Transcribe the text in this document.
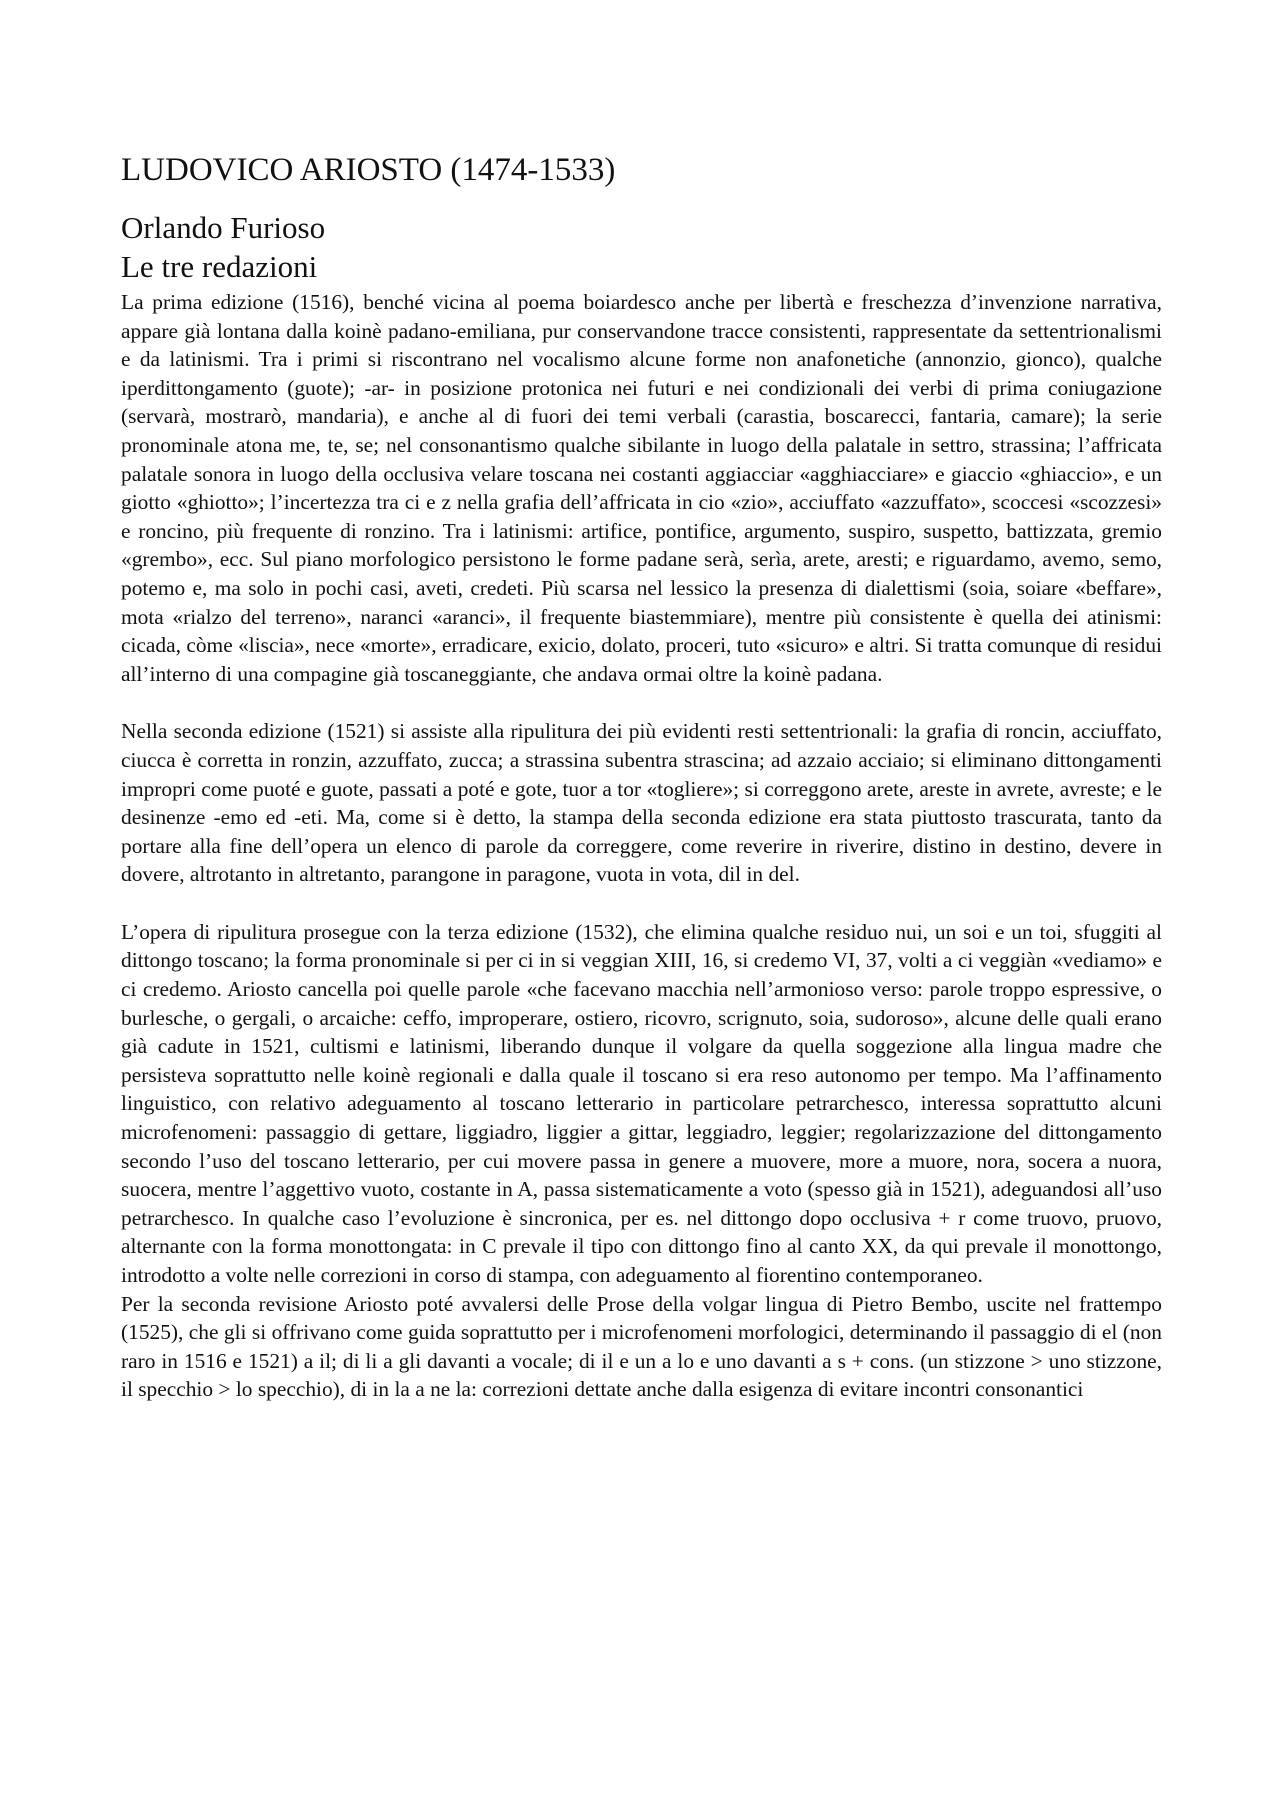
LUDOVICO ARIOSTO (1474-1533)
Orlando Furioso
Le tre redazioni

La prima edizione (1516), benché vicina al poema boiardesco anche per libertà e freschezza d’invenzione narrativa, appare già lontana dalla koinè padano-emiliana, pur conservandone tracce consistenti, rappresentate da settentrionalismi e da latinismi. Tra i primi si riscontrano nel vocalismo alcune forme non anafonetiche (annonzio, gionco), qualche iperdittongamento (guote); -ar- in posizione protonica nei futuri e nei condizionali dei verbi di prima coniugazione (servarà, mostrarò, mandaria), e anche al di fuori dei temi verbali (carastia, boscarecci, fantaria, camare); la serie pronominale atona me, te, se; nel consonantismo qualche sibilante in luogo della palatale in settro, strassina; l’affricata palatale sonora in luogo della occlusiva velare toscana nei costanti aggiacciar «agghiacciare» e giaccio «ghiaccio», e un giotto «ghiotto»; l’incertezza tra ci e z nella grafia dell’affricata in cio «zio», acciuffato «azzuffato», scoccesi «scozzesi» e roncino, più frequente di ronzino. Tra i latinismi: artifice, pontifice, argumento, suspiro, suspetto, battizzata, gremio «grembo», ecc. Sul piano morfologico persistono le forme padane serà, serìa, arete, aresti; e riguardamo, avemo, semo, potemo e, ma solo in pochi casi, aveti, credeti. Più scarsa nel lessico la presenza di dialettismi (soia, soiare «beffare», mota «rialzo del terreno», naranci «aranci», il frequente biastemmiare), mentre più consistente è quella dei atinismi: cicada, còme «liscia», nece «morte», erradicare, exicio, dolato, proceri, tuto «sicuro» e altri. Si tratta comunque di residui all’interno di una compagine già toscaneggiante, che andava ormai oltre la koinè padana.

Nella seconda edizione (1521) si assiste alla ripulitura dei più evidenti resti settentrionali: la grafia di roncin, acciuffato, ciucca è corretta in ronzin, azzuffato, zucca; a strassina subentra strascina; ad azzaio acciaio; si eliminano dittongamenti impropri come puoté e guote, passati a poté e gote, tuor a tor «togliere»; si correggono arete, areste in avrete, avreste; e le desinenze -emo ed -eti. Ma, come si è detto, la stampa della seconda edizione era stata piuttosto trascurata, tanto da portare alla fine dell’opera un elenco di parole da correggere, come reverire in riverire, distino in destino, devere in dovere, altrotanto in altretanto, parangone in paragone, vuota in vota, dil in del.

L’opera di ripulitura prosegue con la terza edizione (1532), che elimina qualche residuo nui, un soi e un toi, sfuggiti al dittongo toscano; la forma pronominale si per ci in si veggian XIII, 16, si credemo VI, 37, volti a ci veggiàn «vediamo» e ci credemo. Ariosto cancella poi quelle parole «che facevano macchia nell’armonioso verso: parole troppo espressive, o burlesche, o gergali, o arcaiche: ceffo, improperare, ostiero, ricovro, scrignuto, soia, sudoroso», alcune delle quali erano già cadute in 1521, cultismi e latinismi, liberando dunque il volgare da quella soggezione alla lingua madre che persisteva soprattutto nelle koinè regionali e dalla quale il toscano si era reso autonomo per tempo. Ma l’affinamento linguistico, con relativo adeguamento al toscano letterario in particolare petrarchesco, interessa soprattutto alcuni microfenomeni: passaggio di gettare, liggiadro, liggier a gittar, leggiadro, leggier; regolarizzazione del dittongamento secondo l’uso del toscano letterario, per cui movere passa in genere a muovere, more a muore, nora, socera a nuora, suocera, mentre l’aggettivo vuoto, costante in A, passa sistematicamente a voto (spesso già in 1521), adeguandosi all’uso petrarchesco. In qualche caso l’evoluzione è sincronica, per es. nel dittongo dopo occlusiva + r come truovo, pruovo, alternante con la forma monottongata: in C prevale il tipo con dittongo fino al canto XX, da qui prevale il monottongo, introdotto a volte nelle correzioni in corso di stampa, con adeguamento al fiorentino contemporaneo.

Per la seconda revisione Ariosto poté avvalersi delle Prose della volgar lingua di Pietro Bembo, uscite nel frattempo (1525), che gli si offrivano come guida soprattutto per i microfenomeni morfologici, determinando il passaggio di el (non raro in 1516 e 1521) a il; di li a gli davanti a vocale; di il e un a lo e uno davanti a s + cons. (un stizzone > uno stizzone, il specchio > lo specchio), di in la a ne la: correzioni dettate anche dalla esigenza di evitare incontri consonantici
